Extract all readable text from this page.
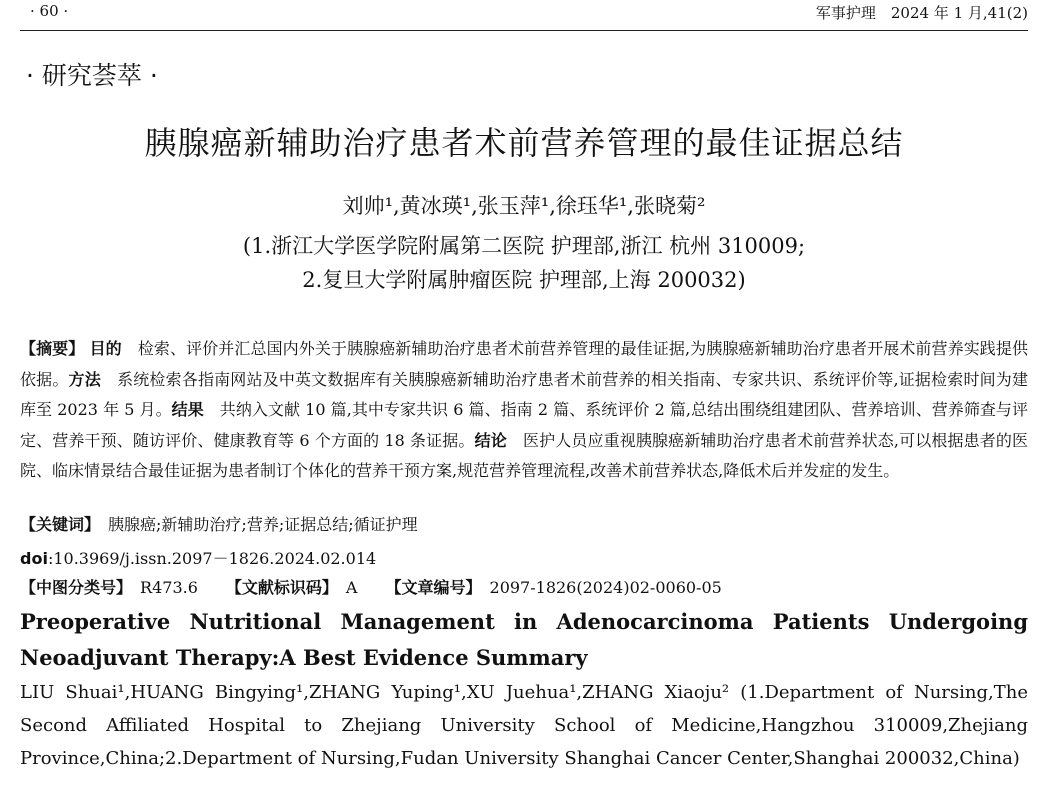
· 60 ·	军事护理　2024 年 1 月,41(2)
· 研究荟萃 ·
胰腺癌新辅助治疗患者术前营养管理的最佳证据总结
刘帅¹,黄冰瑛¹,张玉萍¹,徐珏华¹,张晓菊²
(1.浙江大学医学院附属第二医院 护理部,浙江 杭州 310009;
2.复旦大学附属肿瘤医院 护理部,上海 200032)
【摘要】 目的　 检索、评价并汇总国内外关于胰腺癌新辅助治疗患者术前营养管理的最佳证据,为胰腺癌新辅助治疗患者开展术前营养实践提供依据。方法　 系统检索各指南网站及中英文数据库有关胰腺癌新辅助治疗患者术前营养的相关指南、专家共识、系统评价等,证据检索时间为建库至 2023 年 5 月。结果　 共纳入文献 10 篇,其中专家共识 6 篇、指南 2 篇、系统评价 2 篇,总结出围绕组建团队、营养培训、营养筛查与评定、营养干预、随访评价、健康教育等 6 个方面的 18 条证据。结论　 医护人员应重视胰腺癌新辅助治疗患者术前营养状态,可以根据患者的医院、临床情景结合最佳证据为患者制订个体化的营养干预方案,规范营养管理流程,改善术前营养状态,降低术后并发症的发生。
【关键词】　 胰腺癌;新辅助治疗;营养;证据总结;循证护理
doi:10.3969/j.issn.2097－1826.2024.02.014
【中图分类号】　 R473.6 【文献标识码】　 A 【文章编号】　 2097-1826(2024)02-0060-05
Preoperative Nutritional Management in Adenocarcinoma Patients Undergoing Neoadjuvant Therapy:A Best Evidence Summary
LIU Shuai¹,HUANG Bingying¹,ZHANG Yuping¹,XU Juehua¹,ZHANG Xiaoju² (1.Department of Nursing,The Second Affiliated Hospital to Zhejiang University School of Medicine,Hangzhou 310009,Zhejiang Province,China;2.Department of Nursing,Fudan University Shanghai Cancer Center,Shanghai 200032,China)
